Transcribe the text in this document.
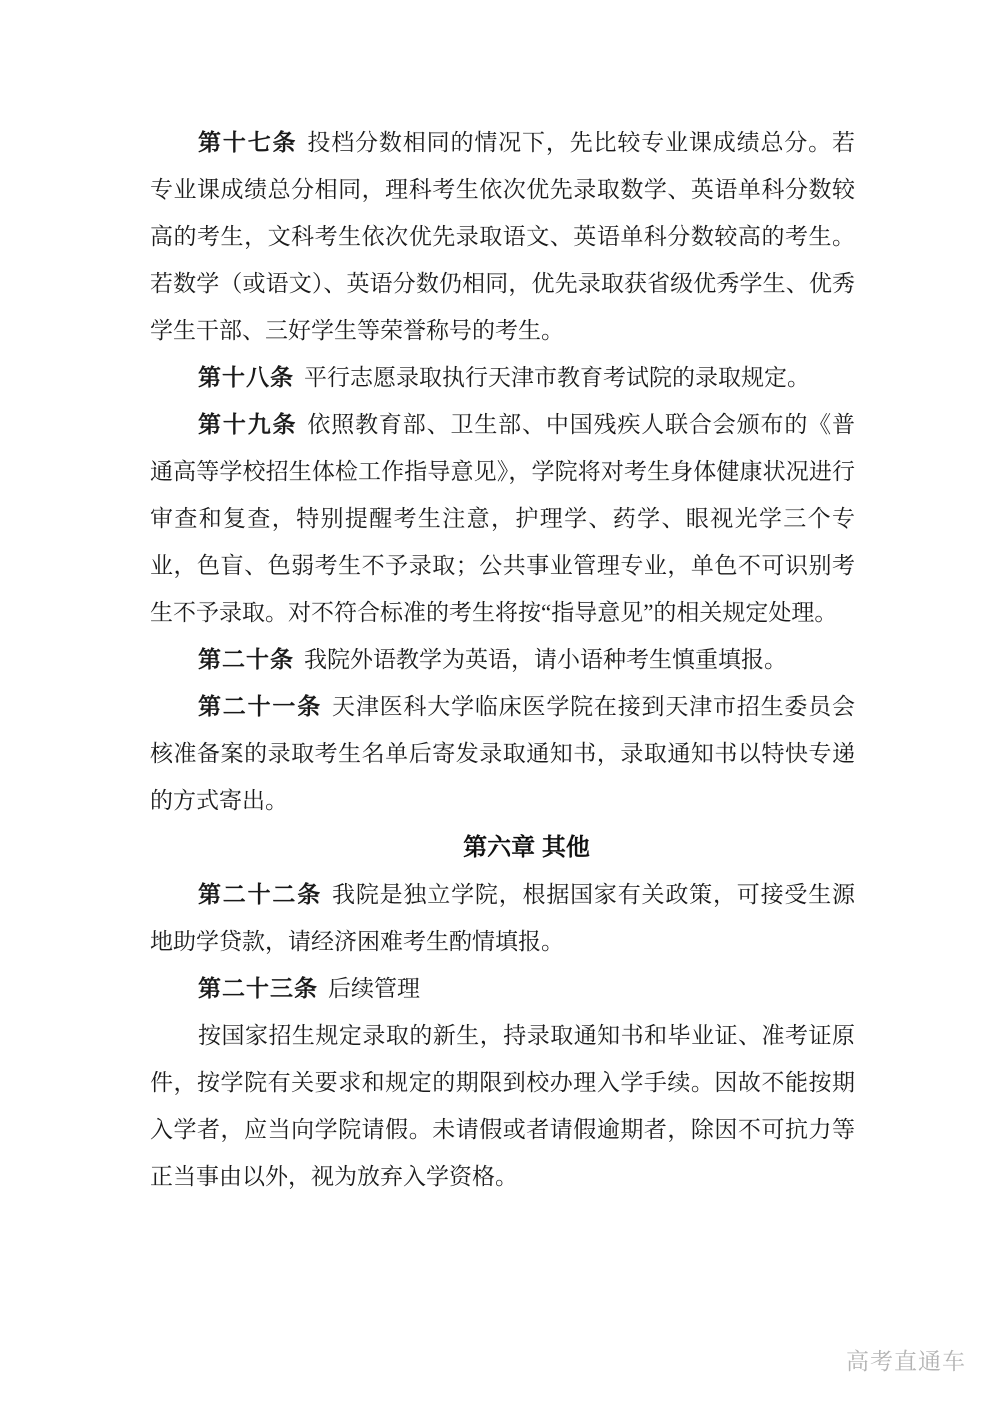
第十七条 投档分数相同的情况下，先比较专业课成绩总分。若专业课成绩总分相同，理科考生依次优先录取数学、英语单科分数较高的考生，文科考生依次优先录取语文、英语单科分数较高的考生。若数学（或语文）、英语分数仍相同，优先录取获省级优秀学生、优秀学生干部、三好学生等荣誉称号的考生。

第十八条 平行志愿录取执行天津市教育考试院的录取规定。

第十九条 依照教育部、卫生部、中国残疾人联合会颁布的《普通高等学校招生体检工作指导意见》，学院将对考生身体健康状况进行审查和复查，特别提醒考生注意，护理学、药学、眼视光学三个专业，色盲、色弱考生不予录取；公共事业管理专业，单色不可识别考生不予录取。对不符合标准的考生将按“指导意见”的相关规定处理。

第二十条 我院外语教学为英语，请小语种考生慎重填报。

第二十一条 天津医科大学临床医学院在接到天津市招生委员会核准备案的录取考生名单后寄发录取通知书，录取通知书以特快专递的方式寄出。

第六章 其他

第二十二条 我院是独立学院，根据国家有关政策，可接受生源地助学贷款，请经济困难考生酌情填报。

第二十三条 后续管理

按国家招生规定录取的新生，持录取通知书和毕业证、准考证原件，按学院有关要求和规定的期限到校办理入学手续。因故不能按期入学者，应当向学院请假。未请假或者请假逾期者，除因不可抗力等正当事由以外，视为放弃入学资格。

高考直通车
